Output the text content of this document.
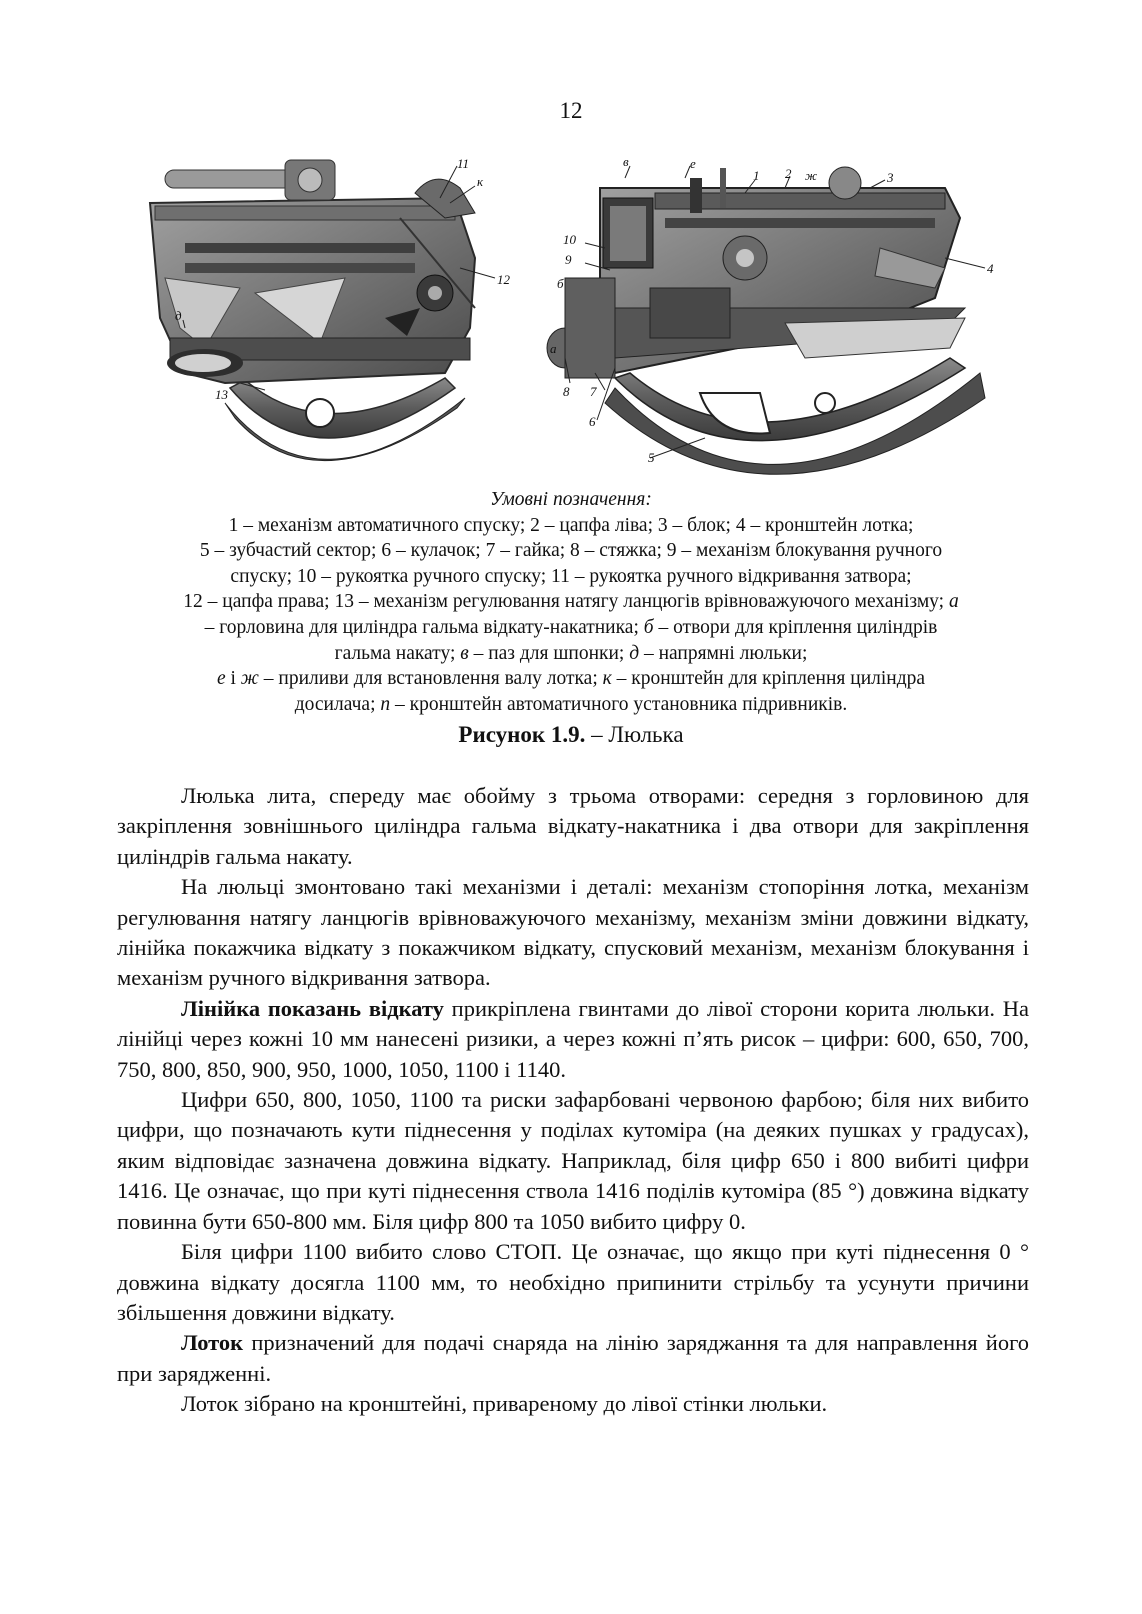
12
11
к
12
д
13
в	е
1 2 ж	3
10
9
б
4
а
8 7
6
5
Умовні позначення:
1 – механізм автоматичного спуску; 2 – цапфа ліва; 3 – блок; 4 – кронштейн лотка;
5 – зубчастий сектор; 6 – кулачок; 7 – гайка; 8 – стяжка; 9 – механізм блокування ручного
спуску; 10 – рукоятка ручного спуску; 11 – рукоятка ручного відкривання затвора;
12 – цапфа права; 13 – механізм регулювання натягу ланцюгів врівноважуючого механізму; а
– горловина для циліндра гальма відкату-накатника; б – отвори для кріплення циліндрів
гальма накату; в – паз для шпонки; д – напрямні люльки;
е і ж – приливи для встановлення валу лотка; к – кронштейн для кріплення циліндра
досилача; п – кронштейн автоматичного установника підривників.
Рисунок 1.9. – Люлька

Люлька лита, спереду має обойму з трьома отворами: середня з горловиною для закріплення зовнішнього циліндра гальма відкату-накатника і два отвори для закріплення циліндрів гальма накату.

На люльці змонтовано такі механізми і деталі: механізм стопоріння лотка, механізм регулювання натягу ланцюгів врівноважуючого механізму, механізм зміни довжини відкату, лінійка покажчика відкату з покажчиком відкату, спусковий механізм, механізм блокування і механізм ручного відкривання затвора.

Лінійка показань відкату прикріплена гвинтами до лівої сторони корита люльки. На лінійці через кожні 10 мм нанесені ризики, а через кожні п’ять рисок – цифри: 600, 650, 700, 750, 800, 850, 900, 950, 1000, 1050, 1100 і 1140.

Цифри 650, 800, 1050, 1100 та риски зафарбовані червоною фарбою; біля них вибито цифри, що позначають кути піднесення у поділах кутоміра (на деяких пушках у градусах), яким відповідає зазначена довжина відкату. Наприклад, біля цифр 650 і 800 вибиті цифри 1416. Це означає, що при куті піднесення ствола 1416 поділів кутоміра (85 °) довжина відкату повинна бути 650-800 мм. Біля цифр 800 та 1050 вибито цифру 0.

Біля цифри 1100 вибито слово СТОП. Це означає, що якщо при куті піднесення 0 ° довжина відкату досягла 1100 мм, то необхідно припинити стрільбу та усунути причини збільшення довжини відкату.

Лоток призначений для подачі снаряда на лінію заряджання та для направлення його при зарядженні.

Лоток зібрано на кронштейні, привареному до лівої стінки люльки.
